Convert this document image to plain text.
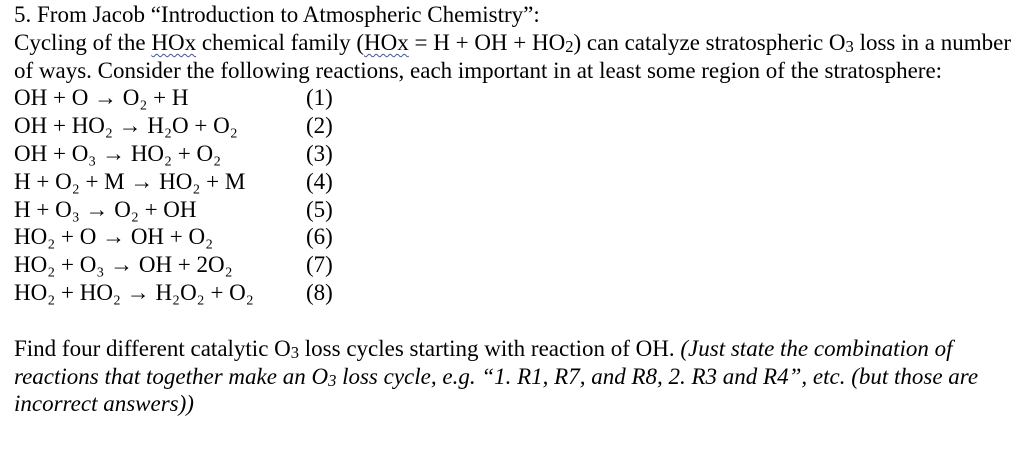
5. From Jacob “Introduction to Atmospheric Chemistry”:

Cycling of the HOx chemical family (HOx = H + OH + $HO_2$) can catalyze stratospheric $O_3$ loss in a number of ways. Consider the following reactions, each important in at least some region of the stratosphere:

OH + O → O₂ + H	(1)
OH + HO₂ → H₂O + O₂	(2)
OH + O₃ → HO₂ + O₂	(3)
H + O₂ + M → HO₂ + M	(4)
H + O₃ → O₂ + OH	(5)
HO₂ + O → OH + O₂	(6)
HO₂ + O₃ → OH + 2O₂	(7)
HO₂ + HO₂ → H₂O₂ + O₂ (8)

Find four different catalytic $O_3$ loss cycles starting with reaction of OH. (Just state the combination of reactions that together make an $O_3$ loss cycle, e.g. “1. R1, R7, and R8, 2. R3 and R4”, etc. (but those are incorrect answers))
